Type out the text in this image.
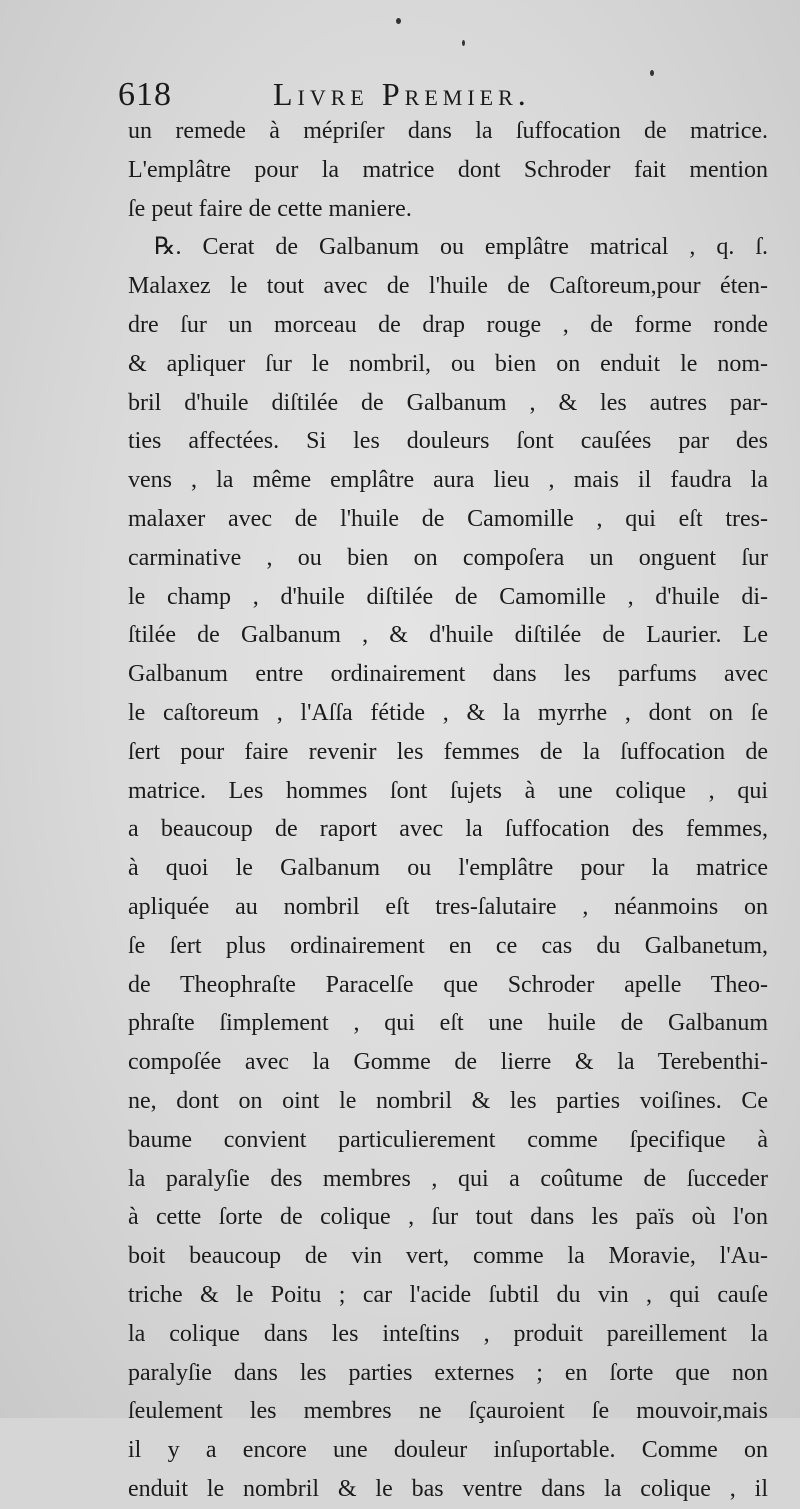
618	Livre Premier.
un remede à mépriſer dans la ſuffocation de matrice.
L'emplâtre pour la matrice dont Schroder fait mention
ſe peut faire de cette maniere.
℞. Cerat de Galbanum ou emplâtre matrical , q. ſ.
Malaxez le tout avec de l'huile de Caſtoreum,pour éten-
dre ſur un morceau de drap rouge , de forme ronde
& apliquer ſur le nombril, ou bien on enduit le nom-
bril d'huile diſtilée de Galbanum , & les autres par-
ties affectées. Si les douleurs ſont cauſées par des
vens , la même emplâtre aura lieu , mais il faudra la
malaxer avec de l'huile de Camomille , qui eſt tres-
carminative , ou bien on compoſera un onguent ſur
le champ , d'huile diſtilée de Camomille , d'huile di-
ſtilée de Galbanum , & d'huile diſtilée de Laurier. Le
Galbanum entre ordinairement dans les parfums avec
le caſtoreum , l'Aſſa fétide , & la myrrhe , dont on ſe
ſert pour faire revenir les femmes de la ſuffocation de
matrice. Les hommes ſont ſujets à une colique , qui
a beaucoup de raport avec la ſuffocation des femmes,
à quoi le Galbanum ou l'emplâtre pour la matrice
apliquée au nombril eſt tres-ſalutaire , néanmoins on
ſe ſert plus ordinairement en ce cas du Galbanetum,
de Theophraſte Paracelſe que Schroder apelle Theo-
phraſte ſimplement , qui eſt une huile de Galbanum
compoſée avec la Gomme de lierre & la Terebenthi-
ne, dont on oint le nombril & les parties voiſines. Ce
baume convient particulierement comme ſpecifique à
la paralyſie des membres , qui a coûtume de ſucceder
à cette ſorte de colique , ſur tout dans les païs où l'on
boit beaucoup de vin vert, comme la Moravie, l'Au-
triche & le Poitu ; car l'acide ſubtil du vin , qui cauſe
la colique dans les inteſtins , produit pareillement la
paralyſie dans les parties externes ; en ſorte que non
ſeulement les membres ne ſçauroient ſe mouvoir,mais
il y a encore une douleur inſuportable. Comme on
enduit le nombril & le bas ventre dans la colique , il
